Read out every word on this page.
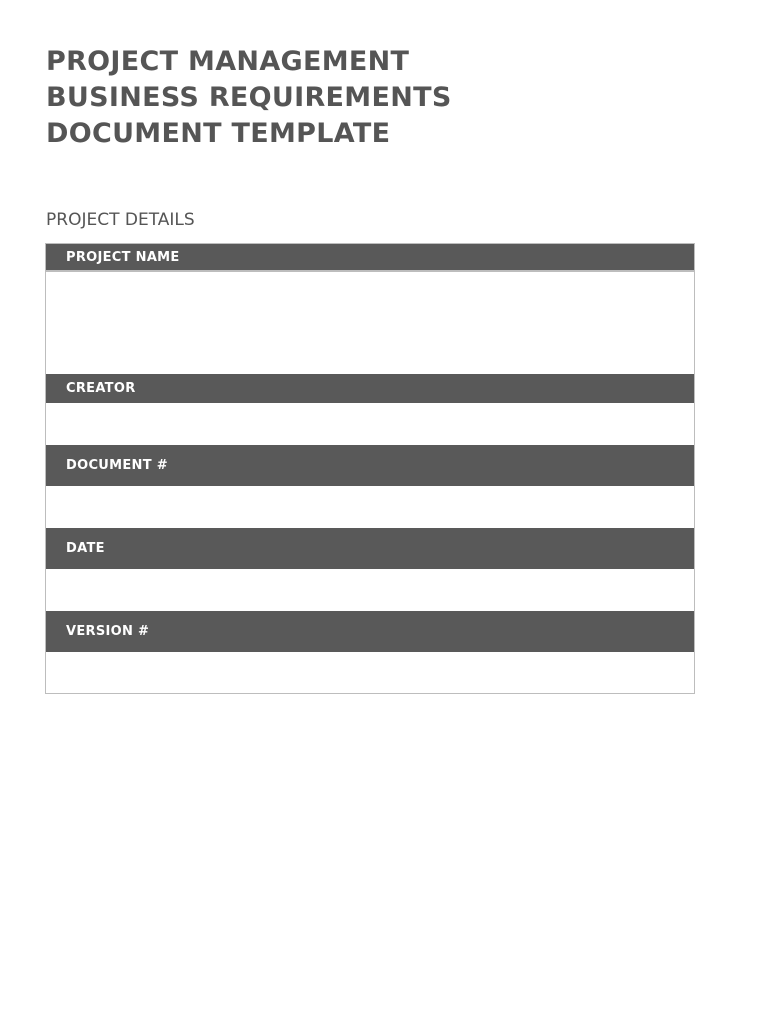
PROJECT MANAGEMENT
BUSINESS REQUIREMENTS
DOCUMENT TEMPLATE
PROJECT DETAILS
PROJECT NAME
CREATOR
DOCUMENT #
DATE
VERSION #
